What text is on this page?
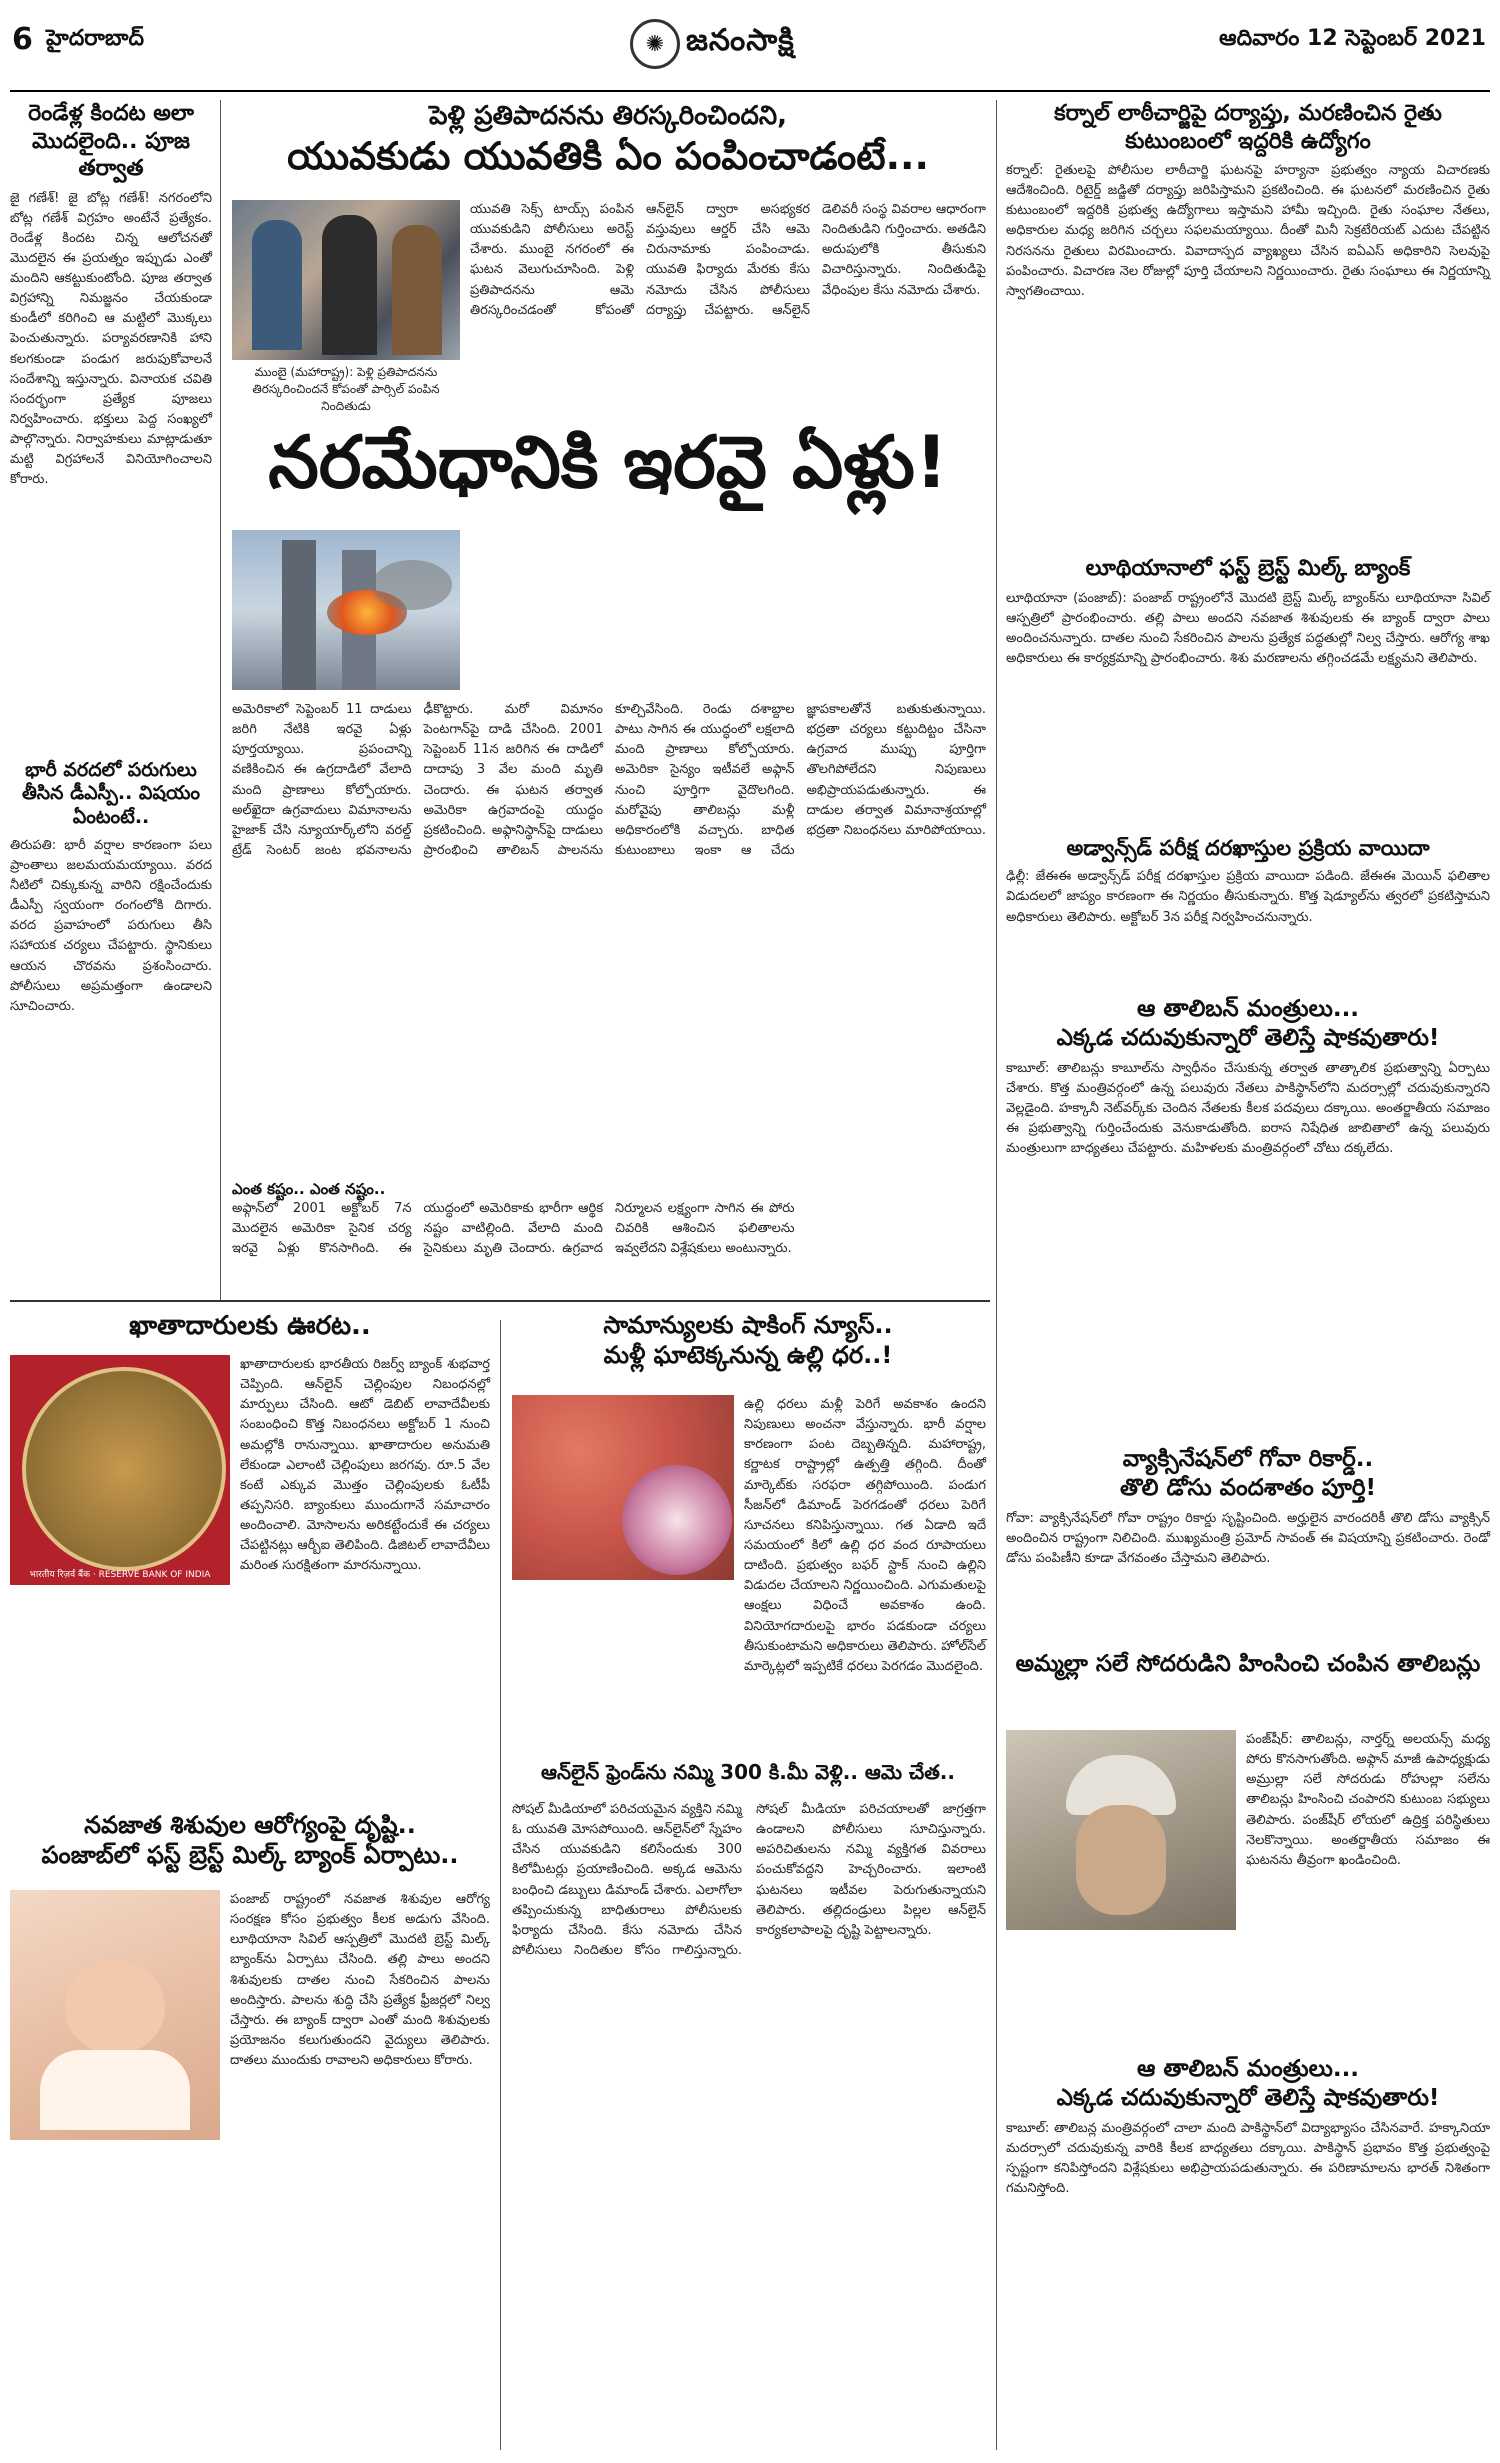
6 హైదరాబాద్	✺ జనంసాక్షి	ఆదివారం 12 సెప్టెంబర్ 2021
రెండేళ్ల కిందట అలా మొదలైంది.. పూజ తర్వాత
జై గణేశ్! జై బోట్ల గణేశ్! నగరంలోని బోట్ల గణేశ్ విగ్రహం అంటేనే ప్రత్యేకం. రెండేళ్ల కిందట చిన్న ఆలోచనతో మొదలైన ఈ ప్రయత్నం ఇప్పుడు ఎంతో మందిని ఆకట్టుకుంటోంది. పూజ తర్వాత విగ్రహాన్ని నిమజ్జనం చేయకుండా కుండీలో కరిగించి ఆ మట్టిలో మొక్కలు పెంచుతున్నారు. పర్యావరణానికి హాని కలగకుండా పండుగ జరుపుకోవాలనే సందేశాన్ని ఇస్తున్నారు. వినాయక చవితి సందర్భంగా ప్రత్యేక పూజలు నిర్వహించారు. భక్తులు పెద్ద సంఖ్యలో పాల్గొన్నారు. నిర్వాహకులు మాట్లాడుతూ మట్టి విగ్రహాలనే వినియోగించాలని కోరారు.
భారీ వరదలో పరుగులు తీసిన డీఎస్పీ.. విషయం ఏంటంటే..
తిరుపతి: భారీ వర్షాల కారణంగా పలు ప్రాంతాలు జలమయమయ్యాయి. వరద నీటిలో చిక్కుకున్న వారిని రక్షించేందుకు డీఎస్పీ స్వయంగా రంగంలోకి దిగారు. వరద ప్రవాహంలో పరుగులు తీసి సహాయక చర్యలు చేపట్టారు. స్థానికులు ఆయన చొరవను ప్రశంసించారు. పోలీసులు అప్రమత్తంగా ఉండాలని సూచించారు.
పెళ్లి ప్రతిపాదనను తిరస్కరించిందని,
యువకుడు యువతికి ఏం పంపించాడంటే...
ముంబై (మహారాష్ట్ర): పెళ్లి ప్రతిపాదనను తిరస్కరించిందనే కోపంతో పార్సిల్ పంపిన నిందితుడు
యువతి సెక్స్ టాయ్స్ పంపిన యువకుడిని పోలీసులు అరెస్ట్ చేశారు. ముంబై నగరంలో ఈ ఘటన వెలుగుచూసింది. పెళ్లి ప్రతిపాదనను ఆమె తిరస్కరించడంతో కోపంతో ఆన్‌లైన్ ద్వారా అసభ్యకర వస్తువులు ఆర్డర్ చేసి ఆమె చిరునామాకు పంపించాడు. యువతి ఫిర్యాదు మేరకు కేసు నమోదు చేసిన పోలీసులు దర్యాప్తు చేపట్టారు. ఆన్‌లైన్ డెలివరీ సంస్థ వివరాల ఆధారంగా నిందితుడిని గుర్తించారు. అతడిని అదుపులోకి తీసుకుని విచారిస్తున్నారు. నిందితుడిపై వేధింపుల కేసు నమోదు చేశారు.
నరమేధానికి ఇరవై ఏళ్లు!
అమెరికాలో సెప్టెంబర్ 11 దాడులు జరిగి నేటికి ఇరవై ఏళ్లు పూర్తయ్యాయి. ప్రపంచాన్ని వణికించిన ఈ ఉగ్రదాడిలో వేలాది మంది ప్రాణాలు కోల్పోయారు. అల్‌ఖైదా ఉగ్రవాదులు విమానాలను హైజాక్ చేసి న్యూయార్క్‌లోని వరల్డ్ ట్రేడ్ సెంటర్ జంట భవనాలను ఢీకొట్టారు. మరో విమానం పెంటగాన్‌పై దాడి చేసింది. 2001 సెప్టెంబర్ 11న జరిగిన ఈ దాడిలో దాదాపు 3 వేల మంది మృతి చెందారు. ఈ ఘటన తర్వాత అమెరికా ఉగ్రవాదంపై యుద్ధం ప్రకటించింది. అఫ్గానిస్థాన్‌పై దాడులు ప్రారంభించి తాలిబన్ పాలనను కూల్చివేసింది. రెండు దశాబ్దాల పాటు సాగిన ఈ యుద్ధంలో లక్షలాది మంది ప్రాణాలు కోల్పోయారు. అమెరికా సైన్యం ఇటీవలే అఫ్గాన్ నుంచి పూర్తిగా వైదొలగింది. మరోవైపు తాలిబన్లు మళ్లీ అధికారంలోకి వచ్చారు. బాధిత కుటుంబాలు ఇంకా ఆ చేదు జ్ఞాపకాలతోనే బతుకుతున్నాయి. భద్రతా చర్యలు కట్టుదిట్టం చేసినా ఉగ్రవాద ముప్పు పూర్తిగా తొలగిపోలేదని నిపుణులు అభిప్రాయపడుతున్నారు. ఈ దాడుల తర్వాత విమానాశ్రయాల్లో భద్రతా నిబంధనలు మారిపోయాయి.
ఎంత కష్టం.. ఎంత నష్టం..
అఫ్గాన్‌లో 2001 అక్టోబర్ 7న మొదలైన అమెరికా సైనిక చర్య ఇరవై ఏళ్లు కొనసాగింది. ఈ యుద్ధంలో అమెరికాకు భారీగా ఆర్థిక నష్టం వాటిల్లింది. వేలాది మంది సైనికులు మృతి చెందారు. ఉగ్రవాద నిర్మూలన లక్ష్యంగా సాగిన ఈ పోరు చివరికి ఆశించిన ఫలితాలను ఇవ్వలేదని విశ్లేషకులు అంటున్నారు.
ఖాతాదారులకు ఊరట..
भारतीय रिज़र्व बैंक · RESERVE BANK OF INDIA
ఖాతాదారులకు భారతీయ రిజర్వ్ బ్యాంక్ శుభవార్త చెప్పింది. ఆన్‌లైన్ చెల్లింపుల నిబంధనల్లో మార్పులు చేసింది. ఆటో డెబిట్ లావాదేవీలకు సంబంధించి కొత్త నిబంధనలు అక్టోబర్ 1 నుంచి అమల్లోకి రానున్నాయి. ఖాతాదారుల అనుమతి లేకుండా ఎలాంటి చెల్లింపులు జరగవు. రూ.5 వేల కంటే ఎక్కువ మొత్తం చెల్లింపులకు ఓటీపీ తప్పనిసరి. బ్యాంకులు ముందుగానే సమాచారం అందించాలి. మోసాలను అరికట్టేందుకే ఈ చర్యలు చేపట్టినట్లు ఆర్బీఐ తెలిపింది. డిజిటల్ లావాదేవీలు మరింత సురక్షితంగా మారనున్నాయి.
నవజాత శిశువుల ఆరోగ్యంపై దృష్టి..
పంజాబ్‌లో ఫస్ట్ బ్రెస్ట్ మిల్క్ బ్యాంక్ ఏర్పాటు..
పంజాబ్ రాష్ట్రంలో నవజాత శిశువుల ఆరోగ్య సంరక్షణ కోసం ప్రభుత్వం కీలక అడుగు వేసింది. లూథియానా సివిల్ ఆస్పత్రిలో మొదటి బ్రెస్ట్ మిల్క్ బ్యాంక్‌ను ఏర్పాటు చేసింది. తల్లి పాలు అందని శిశువులకు దాతల నుంచి సేకరించిన పాలను అందిస్తారు. పాలను శుద్ధి చేసి ప్రత్యేక ఫ్రీజర్లలో నిల్వ చేస్తారు. ఈ బ్యాంక్ ద్వారా ఎంతో మంది శిశువులకు ప్రయోజనం కలుగుతుందని వైద్యులు తెలిపారు. దాతలు ముందుకు రావాలని అధికారులు కోరారు.
సామాన్యులకు షాకింగ్ న్యూస్..
మళ్లీ ఘాటెక్కనున్న ఉల్లి ధర..!
ఉల్లి ధరలు మళ్లీ పెరిగే అవకాశం ఉందని నిపుణులు అంచనా వేస్తున్నారు. భారీ వర్షాల కారణంగా పంట దెబ్బతిన్నది. మహారాష్ట్ర, కర్ణాటక రాష్ట్రాల్లో ఉత్పత్తి తగ్గింది. దీంతో మార్కెట్‌కు సరఫరా తగ్గిపోయింది. పండుగ సీజన్‌లో డిమాండ్ పెరగడంతో ధరలు పెరిగే సూచనలు కనిపిస్తున్నాయి. గత ఏడాది ఇదే సమయంలో కిలో ఉల్లి ధర వంద రూపాయలు దాటింది. ప్రభుత్వం బఫర్ స్టాక్ నుంచి ఉల్లిని విడుదల చేయాలని నిర్ణయించింది. ఎగుమతులపై ఆంక్షలు విధించే అవకాశం ఉంది. వినియోగదారులపై భారం పడకుండా చర్యలు తీసుకుంటామని అధికారులు తెలిపారు. హోల్‌సేల్ మార్కెట్లలో ఇప్పటికే ధరలు పెరగడం మొదలైంది.
ఆన్‌లైన్ ఫ్రెండ్‌ను నమ్మి 300 కి.మీ వెళ్లి.. ఆమె చేత..
సోషల్ మీడియాలో పరిచయమైన వ్యక్తిని నమ్మి ఓ యువతి మోసపోయింది. ఆన్‌లైన్‌లో స్నేహం చేసిన యువకుడిని కలిసేందుకు 300 కిలోమీటర్లు ప్రయాణించింది. అక్కడ ఆమెను బంధించి డబ్బులు డిమాండ్ చేశారు. ఎలాగోలా తప్పించుకున్న బాధితురాలు పోలీసులకు ఫిర్యాదు చేసింది. కేసు నమోదు చేసిన పోలీసులు నిందితుల కోసం గాలిస్తున్నారు. సోషల్ మీడియా పరిచయాలతో జాగ్రత్తగా ఉండాలని పోలీసులు సూచిస్తున్నారు. అపరిచితులను నమ్మి వ్యక్తిగత వివరాలు పంచుకోవద్దని హెచ్చరించారు. ఇలాంటి ఘటనలు ఇటీవల పెరుగుతున్నాయని తెలిపారు. తల్లిదండ్రులు పిల్లల ఆన్‌లైన్ కార్యకలాపాలపై దృష్టి పెట్టాలన్నారు.
కర్నాల్ లాఠీచార్జిపై దర్యాప్తు, మరణించిన రైతు కుటుంబంలో ఇద్దరికి ఉద్యోగం
కర్నాల్: రైతులపై పోలీసుల లాఠీచార్జి ఘటనపై హర్యానా ప్రభుత్వం న్యాయ విచారణకు ఆదేశించింది. రిటైర్డ్ జడ్జితో దర్యాప్తు జరిపిస్తామని ప్రకటించింది. ఈ ఘటనలో మరణించిన రైతు కుటుంబంలో ఇద్దరికి ప్రభుత్వ ఉద్యోగాలు ఇస్తామని హామీ ఇచ్చింది. రైతు సంఘాల నేతలు, అధికారుల మధ్య జరిగిన చర్చలు సఫలమయ్యాయి. దీంతో మినీ సెక్రటేరియట్ ఎదుట చేపట్టిన నిరసనను రైతులు విరమించారు. వివాదాస్పద వ్యాఖ్యలు చేసిన ఐఏఎస్ అధికారిని సెలవుపై పంపించారు. విచారణ నెల రోజుల్లో పూర్తి చేయాలని నిర్ణయించారు. రైతు సంఘాలు ఈ నిర్ణయాన్ని స్వాగతించాయి.
లూథియానాలో ఫస్ట్ బ్రెస్ట్ మిల్క్ బ్యాంక్
లూథియానా (పంజాబ్): పంజాబ్ రాష్ట్రంలోనే మొదటి బ్రెస్ట్ మిల్క్ బ్యాంక్‌ను లూథియానా సివిల్ ఆస్పత్రిలో ప్రారంభించారు. తల్లి పాలు అందని నవజాత శిశువులకు ఈ బ్యాంక్ ద్వారా పాలు అందించనున్నారు. దాతల నుంచి సేకరించిన పాలను ప్రత్యేక పద్ధతుల్లో నిల్వ చేస్తారు. ఆరోగ్య శాఖ అధికారులు ఈ కార్యక్రమాన్ని ప్రారంభించారు. శిశు మరణాలను తగ్గించడమే లక్ష్యమని తెలిపారు.
అడ్వాన్స్‌డ్ పరీక్ష దరఖాస్తుల ప్రక్రియ వాయిదా
ఢిల్లీ: జేఈఈ అడ్వాన్స్‌డ్ పరీక్ష దరఖాస్తుల ప్రక్రియ వాయిదా పడింది. జేఈఈ మెయిన్ ఫలితాల విడుదలలో జాప్యం కారణంగా ఈ నిర్ణయం తీసుకున్నారు. కొత్త షెడ్యూల్‌ను త్వరలో ప్రకటిస్తామని అధికారులు తెలిపారు. అక్టోబర్ 3న పరీక్ష నిర్వహించనున్నారు.
ఆ తాలిబన్ మంత్రులు...
ఎక్కడ చదువుకున్నారో తెలిస్తే షాకవుతారు!
కాబూల్: తాలిబన్లు కాబూల్‌ను స్వాధీనం చేసుకున్న తర్వాత తాత్కాలిక ప్రభుత్వాన్ని ఏర్పాటు చేశారు. కొత్త మంత్రివర్గంలో ఉన్న పలువురు నేతలు పాకిస్థాన్‌లోని మదర్సాల్లో చదువుకున్నారని వెల్లడైంది. హక్కానీ నెట్‌వర్క్‌కు చెందిన నేతలకు కీలక పదవులు దక్కాయి. అంతర్జాతీయ సమాజం ఈ ప్రభుత్వాన్ని గుర్తించేందుకు వెనుకాడుతోంది. ఐరాస నిషేధిత జాబితాలో ఉన్న పలువురు మంత్రులుగా బాధ్యతలు చేపట్టారు. మహిళలకు మంత్రివర్గంలో చోటు దక్కలేదు.
వ్యాక్సినేషన్‌లో గోవా రికార్డ్..
తొలి డోసు వందశాతం పూర్తి!
గోవా: వ్యాక్సినేషన్‌లో గోవా రాష్ట్రం రికార్డు సృష్టించింది. అర్హులైన వారందరికీ తొలి డోసు వ్యాక్సిన్ అందించిన రాష్ట్రంగా నిలిచింది. ముఖ్యమంత్రి ప్రమోద్ సావంత్ ఈ విషయాన్ని ప్రకటించారు. రెండో డోసు పంపిణీని కూడా వేగవంతం చేస్తామని తెలిపారు.
అమ్మల్లా సలే సోదరుడిని హింసించి చంపిన తాలిబన్లు
పంజ్‌షీర్: తాలిబన్లు, నార్తర్న్ అలయన్స్ మధ్య పోరు కొనసాగుతోంది. అఫ్గాన్ మాజీ ఉపాధ్యక్షుడు అమ్రుల్లా సలే సోదరుడు రోహుల్లా సలేను తాలిబన్లు హింసించి చంపారని కుటుంబ సభ్యులు తెలిపారు. పంజ్‌షీర్ లోయలో ఉద్రిక్త పరిస్థితులు నెలకొన్నాయి. అంతర్జాతీయ సమాజం ఈ ఘటనను తీవ్రంగా ఖండించింది.
ఆ తాలిబన్ మంత్రులు...
ఎక్కడ చదువుకున్నారో తెలిస్తే షాకవుతారు!
కాబూల్: తాలిబన్ల మంత్రివర్గంలో చాలా మంది పాకిస్థాన్‌లో విద్యాభ్యాసం చేసినవారే. హక్కానియా మదర్సాలో చదువుకున్న వారికి కీలక బాధ్యతలు దక్కాయి. పాకిస్థాన్ ప్రభావం కొత్త ప్రభుత్వంపై స్పష్టంగా కనిపిస్తోందని విశ్లేషకులు అభిప్రాయపడుతున్నారు. ఈ పరిణామాలను భారత్ నిశితంగా గమనిస్తోంది.
